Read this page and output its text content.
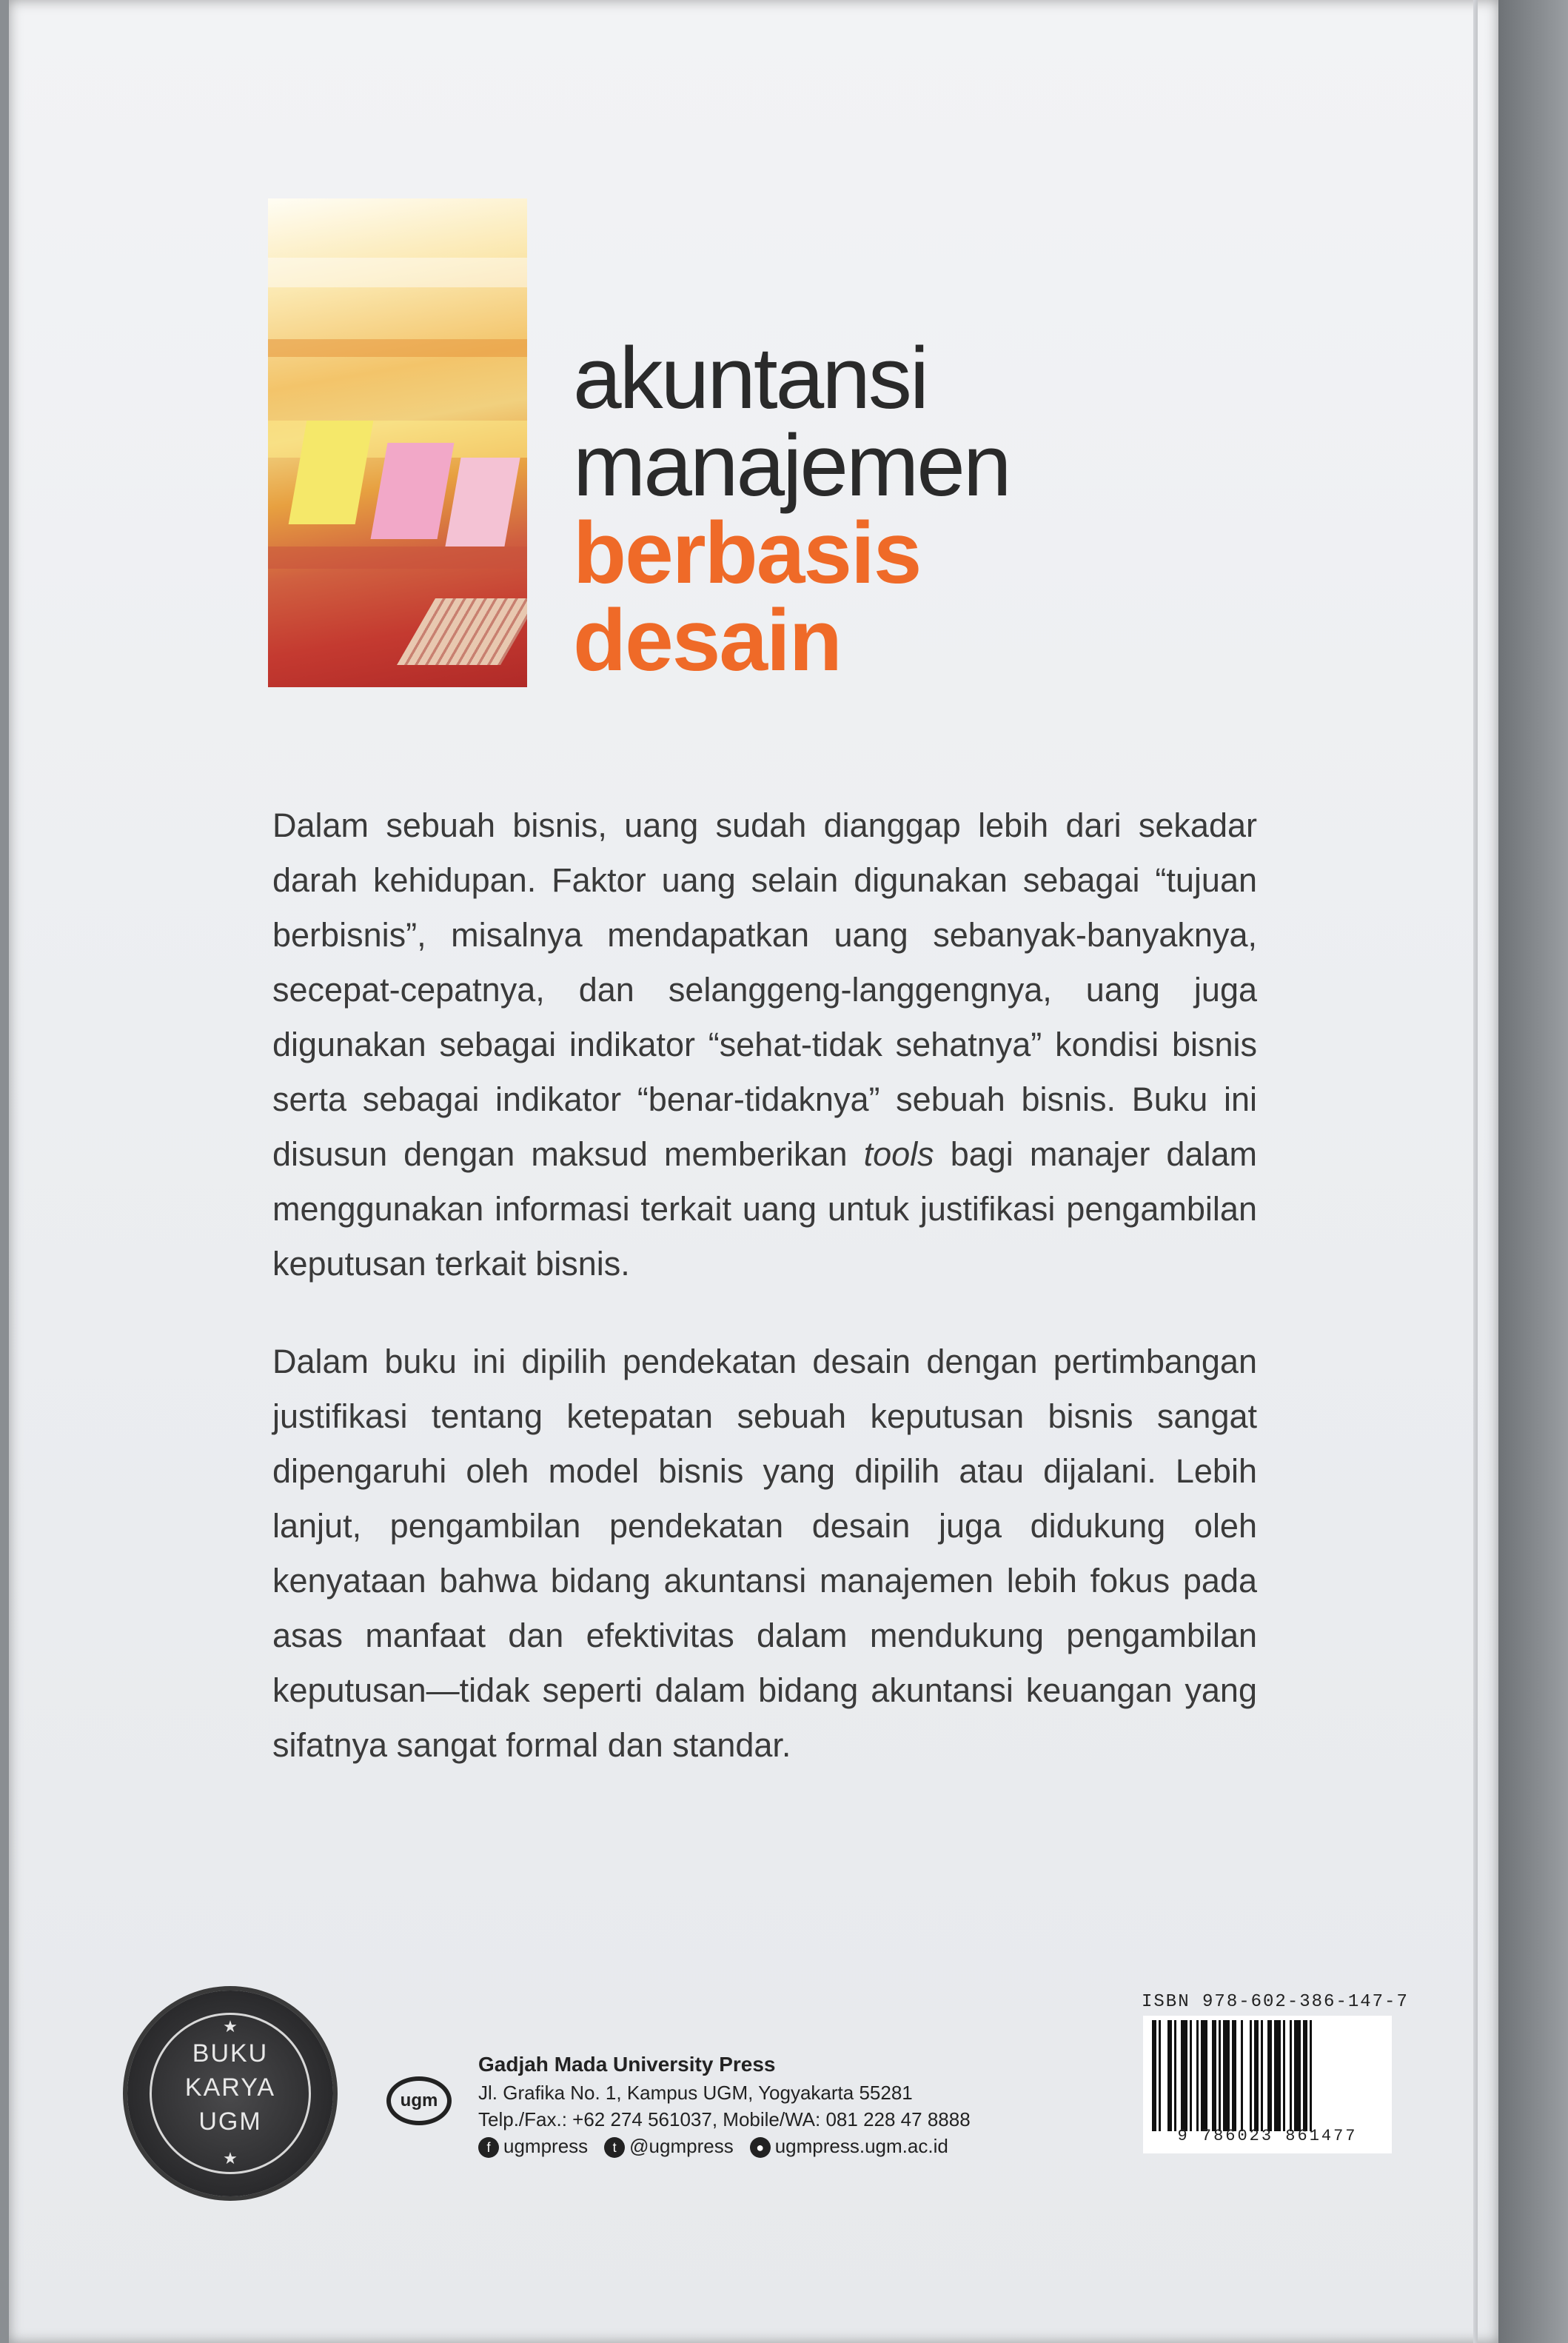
akuntansi
manajemen
berbasis
desain
Dalam sebuah bisnis, uang sudah dianggap lebih dari sekadar darah kehidupan. Faktor uang selain digunakan sebagai “tujuan berbisnis”, misalnya mendapatkan uang sebanyak-banyaknya, secepat-cepatnya, dan selanggeng-langgengnya, uang juga digunakan sebagai indikator “sehat-tidak sehatnya” kondisi bisnis serta sebagai indikator “benar-tidaknya” sebuah bisnis. Buku ini disusun dengan maksud memberikan tools bagi manajer dalam menggunakan informasi terkait uang untuk justifikasi pengambilan keputusan terkait bisnis.
Dalam buku ini dipilih pendekatan desain dengan pertimbangan justifikasi tentang ketepatan sebuah keputusan bisnis sangat dipengaruhi oleh model bisnis yang dipilih atau dijalani. Lebih lanjut, pengambilan pendekatan desain juga didukung oleh kenyataan bahwa bidang akuntansi manajemen lebih fokus pada asas manfaat dan efektivitas dalam mendukung pengambilan keputusan—tidak seperti dalam bidang akuntansi keuangan yang sifatnya sangat formal dan standar.
★
BUKU
KARYA
UGM
★
ugm
Gadjah Mada University Press
Jl. Grafika No. 1, Kampus UGM, Yogyakarta 55281
Telp./Fax.: +62 274 561037, Mobile/WA: 081 228 47 8888
f ugmpress	t @ugmpress	● ugmpress.ugm.ac.id
ISBN 978-602-386-147-7
9 786023 861477
